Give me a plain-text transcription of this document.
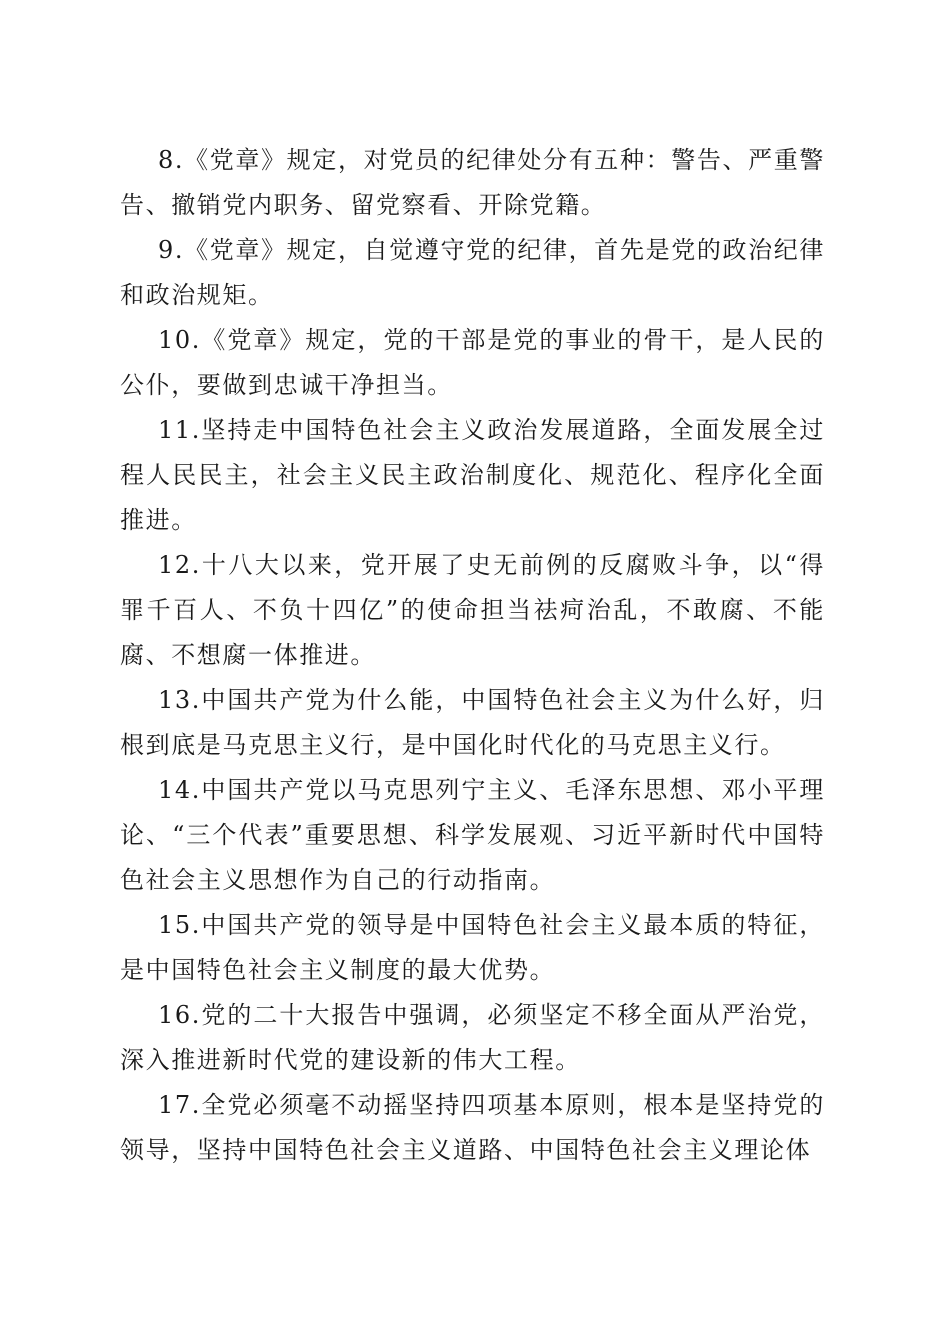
8.《党章》规定，对党员的纪律处分有五种：警告、严重警告、撤销党内职务、留党察看、开除党籍。

9.《党章》规定，自觉遵守党的纪律，首先是党的政治纪律和政治规矩。

10.《党章》规定，党的干部是党的事业的骨干，是人民的公仆，要做到忠诚干净担当。

11.坚持走中国特色社会主义政治发展道路，全面发展全过程人民民主，社会主义民主政治制度化、规范化、程序化全面推进。

12.十八大以来，党开展了史无前例的反腐败斗争，以“得罪千百人、不负十四亿”的使命担当祛疴治乱，不敢腐、不能腐、不想腐一体推进。

13.中国共产党为什么能，中国特色社会主义为什么好，归根到底是马克思主义行，是中国化时代化的马克思主义行。

14.中国共产党以马克思列宁主义、毛泽东思想、邓小平理论、“三个代表”重要思想、科学发展观、习近平新时代中国特色社会主义思想作为自己的行动指南。

15.中国共产党的领导是中国特色社会主义最本质的特征，是中国特色社会主义制度的最大优势。

16.党的二十大报告中强调，必须坚定不移全面从严治党，深入推进新时代党的建设新的伟大工程。

17.全党必须毫不动摇坚持四项基本原则，根本是坚持党的领导，坚持中国特色社会主义道路、中国特色社会主义理论体
